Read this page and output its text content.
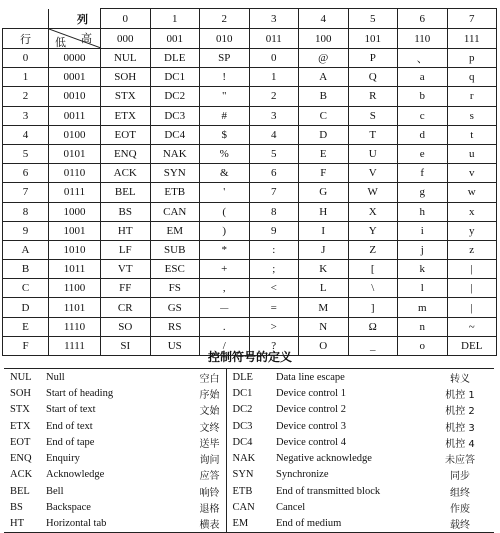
	列	0	1	2	3	4	5	6	7
行	低 高	000	001	010	011	100	101	110	111
0	0000	NUL	DLE	SP	0	@	P	、	p
1	0001	SOH	DC1	!	1	A	Q	a	q
2	0010	STX	DC2	"	2	B	R	b	r
3	0011	ETX	DC3	#	3	C	S	c	s
4	0100	EOT	DC4	$	4	D	T	d	t
5	0101	ENQ	NAK	%	5	E	U	e	u
6	0110	ACK	SYN	&	6	F	V	f	v
7	0111	BEL	ETB	'	7	G	W	g	w
8	1000	BS	CAN	(	8	H	X	h	x
9	1001	HT	EM	)	9	I	Y	i	y
A	1010	LF	SUB	*	:	J	Z	j	z
B	1011	VT	ESC	+	;	K	[	k	|
C	1100	FF	FS	,	<	L	\	l	|
D	1101	CR	GS	－	=	M	]	m	|
E	1110	SO	RS	.	>	N	Ω	n	~
F	1111	SI	US	/	?	O	_	o	DEL
控制符号的定义
NUL	Null	空白	DLE	Data line escape	转义
SOH	Start of heading	序始	DC1	Device control 1	机控 1
STX	Start of text	文始	DC2	Device control 2	机控 2
ETX	End of text	文终	DC3	Device control 3	机控 3
EOT	End of tape	送毕	DC4	Device control 4	机控 4
ENQ	Enquiry	询问	NAK	Negative acknowledge	未应答
ACK	Acknowledge	应答	SYN	Synchronize	同步
BEL	Bell	响铃	ETB	End of transmitted block	组终
BS	Backspace	退格	CAN	Cancel	作废
HT	Horizontal tab	横表	EM	End of medium	载终
